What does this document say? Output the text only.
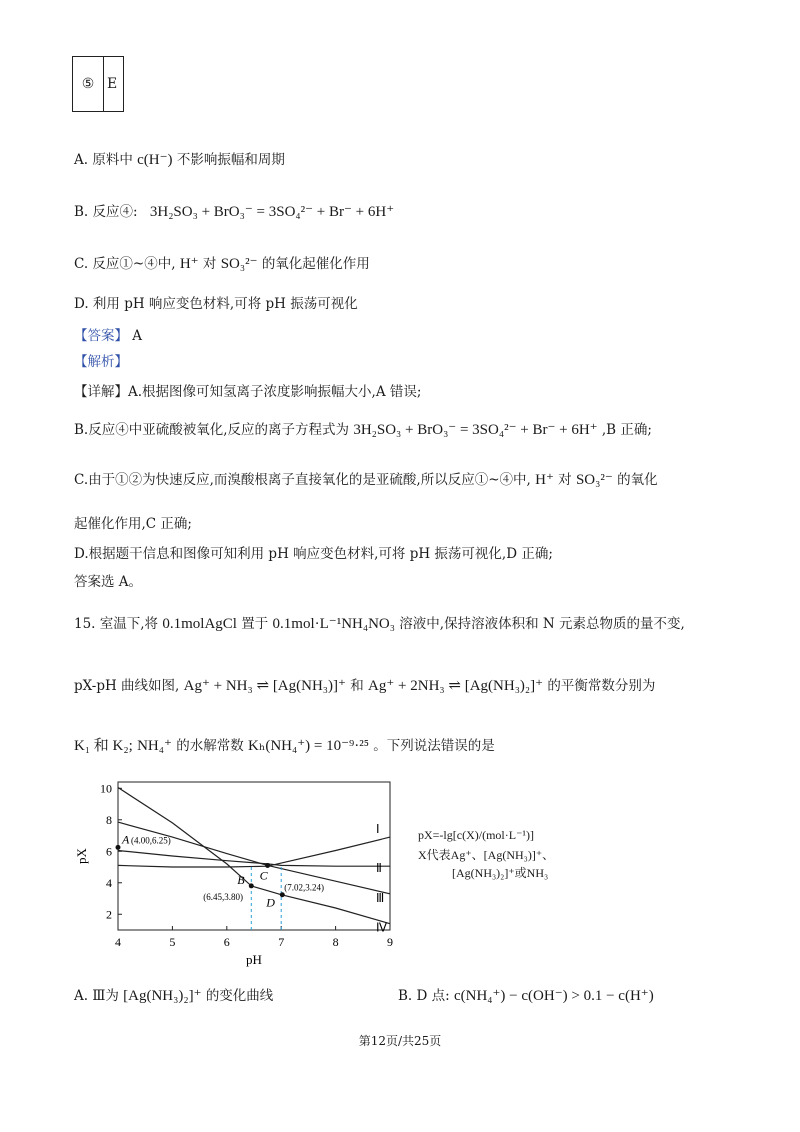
⑤ E
A. 原料中 c(H⁻) 不影响振幅和周期
B. 反应④: 3H₂SO₃ + BrO₃⁻ = 3SO₄²⁻ + Br⁻ + 6H⁺
C. 反应①~④中, H⁺ 对 SO₃²⁻ 的氧化起催化作用
D. 利用 pH 响应变色材料,可将 pH 振荡可视化
【答案】 A
【解析】
【详解】A.根据图像可知氢离子浓度影响振幅大小,A 错误;
B.反应④中亚硫酸被氧化,反应的离子方程式为 3H₂SO₃ + BrO₃⁻ = 3SO₄²⁻ + Br⁻ + 6H⁺ ,B 正确;
C.由于①②为快速反应,而溴酸根离子直接氧化的是亚硫酸,所以反应①~④中, H⁺ 对 SO₃²⁻ 的氧化
起催化作用,C 正确;
D.根据题干信息和图像可知利用 pH 响应变色材料,可将 pH 振荡可视化,D 正确;
答案选 A。
15. 室温下,将 0.1molAgCl 置于 0.1mol·L⁻¹NH₄NO₃ 溶液中,保持溶液体积和 N 元素总物质的量不变,
pX-pH 曲线如图, Ag⁺ + NH₃ ⇌ [Ag(NH₃)]⁺ 和 Ag⁺ + 2NH₃ ⇌ [Ag(NH₃)₂]⁺ 的平衡常数分别为
K₁ 和 K₂; NH₄⁺ 的水解常数 Kₕ(NH₄⁺) = 10⁻⁹·²⁵ 。下列说法错误的是
4	5	6	7	8	9
2
4
6
8
10
pH
pX
Ⅰ
Ⅱ
Ⅲ
Ⅳ
A (4.00,6.25)
B
(6.45,3.80)
C
D
(7.02,3.24)
pX=-lg[c(X)/(mol·L⁻¹)]
X代表Ag⁺、[Ag(NH₃)]⁺、
[Ag(NH₃)₂]⁺或NH₃
A. Ⅲ为 [Ag(NH₃)₂]⁺ 的变化曲线	B. D 点: c(NH₄⁺) − c(OH⁻) > 0.1 − c(H⁺)
第12页/共25页
